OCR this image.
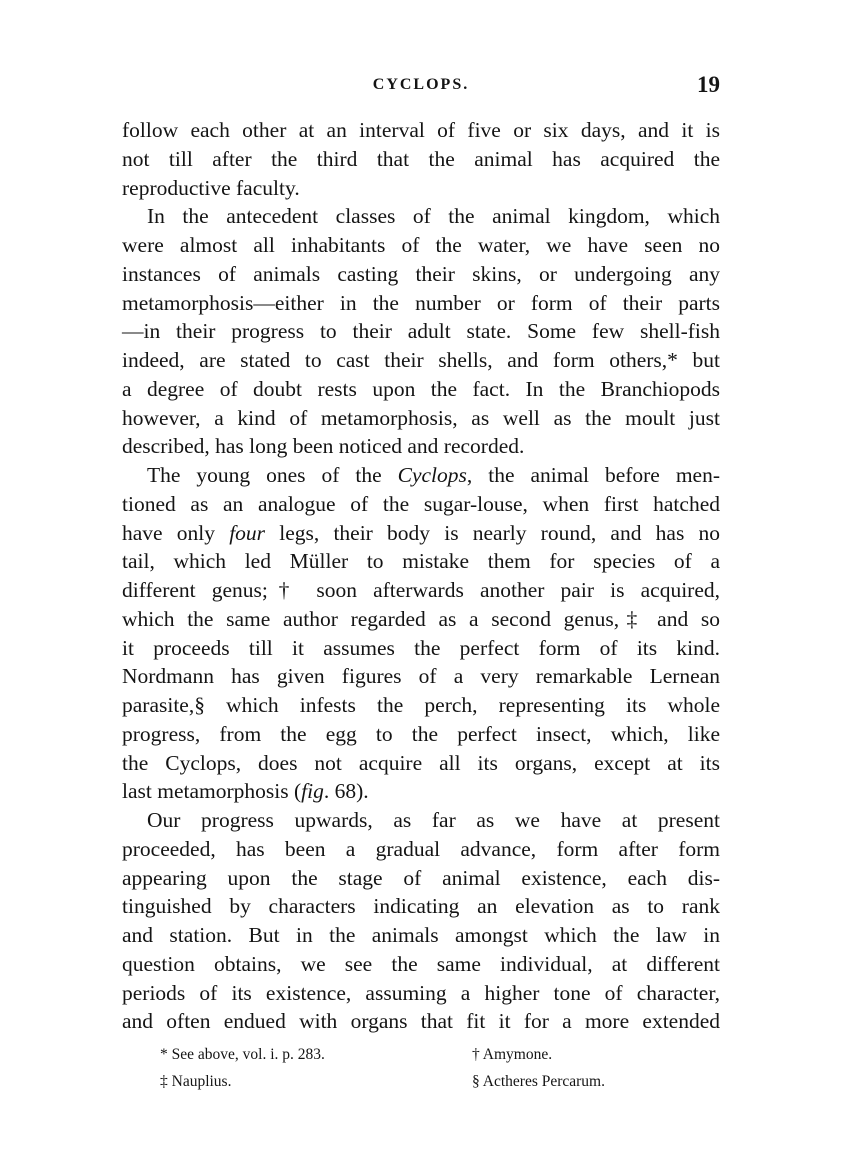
CYCLOPS.	19
follow each other at an interval of five or six days, and it is
not till after the third that the animal has acquired the
reproductive faculty.
In the antecedent classes of the animal kingdom, which
were almost all inhabitants of the water, we have seen no
instances of animals casting their skins, or undergoing any
metamorphosis—either in the number or form of their parts
—in their progress to their adult state. Some few shell-fish
indeed, are stated to cast their shells, and form others,* but
a degree of doubt rests upon the fact. In the Branchiopods
however, a kind of metamorphosis, as well as the moult just
described, has long been noticed and recorded.
The young ones of the Cyclops, the animal before men-
tioned as an analogue of the sugar-louse, when first hatched
have only four legs, their body is nearly round, and has no
tail, which led Müller to mistake them for species of a
different genus;† soon afterwards another pair is acquired,
which the same author regarded as a second genus,‡ and so
it proceeds till it assumes the perfect form of its kind.
Nordmann has given figures of a very remarkable Lernean
parasite,§ which infests the perch, representing its whole
progress, from the egg to the perfect insect, which, like
the Cyclops, does not acquire all its organs, except at its
last metamorphosis (fig. 68).
Our progress upwards, as far as we have at present
proceeded, has been a gradual advance, form after form
appearing upon the stage of animal existence, each dis-
tinguished by characters indicating an elevation as to rank
and station. But in the animals amongst which the law in
question obtains, we see the same individual, at different
periods of its existence, assuming a higher tone of character,
and often endued with organs that fit it for a more extended
* See above, vol. i. p. 283.	† Amymone.
‡ Nauplius.	§ Actheres Percarum.
